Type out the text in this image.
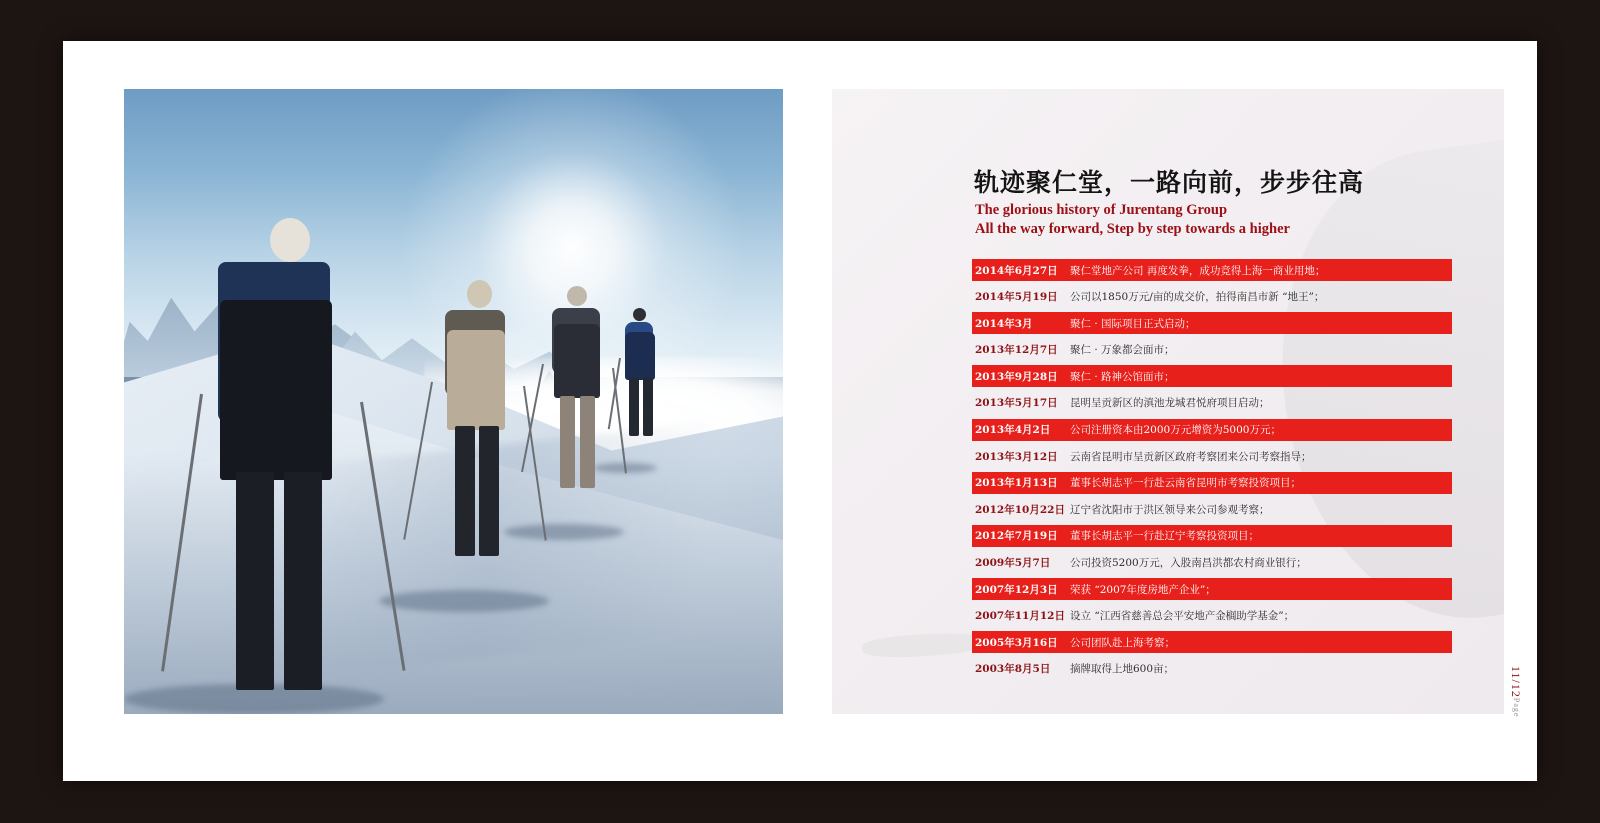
轨迹聚仁堂，一路向前，步步往高
The glorious history of Jurentang Group
All the way forward, Step by step towards a higher
2014年6月27日	聚仁堂地产公司 再度发拳，成功竞得上海一商业用地；
2014年5月19日	公司以1850万元/亩的成交价，拍得南昌市新 “地王”；
2014年3月	聚仁 · 国际项目正式启动；
2013年12月7日	聚仁 · 万象都会面市；
2013年9月28日	聚仁 · 路神公馆面市；
2013年5月17日	昆明呈贡新区的滇池龙城君悦府项目启动；
2013年4月2日	公司注册资本由2000万元增资为5000万元；
2013年3月12日	云南省昆明市呈贡新区政府考察团来公司考察指导；
2013年1月13日	董事长胡志平一行赴云南省昆明市考察投资项目；
2012年10月22日 辽宁省沈阳市于洪区领导来公司参观考察；
2012年7月19日	董事长胡志平一行赴辽宁考察投资项目；
2009年5月7日	公司投资5200万元，入股南昌洪都农村商业银行；
2007年12月3日	荣获 “2007年度房地产企业”；
2007年11月12日 设立 “江西省慈善总会平安地产金榈助学基金”；
2005年3月16日	公司团队赴上海考察；
2003年8月5日	摘牌取得上地600亩；	11/12Page
